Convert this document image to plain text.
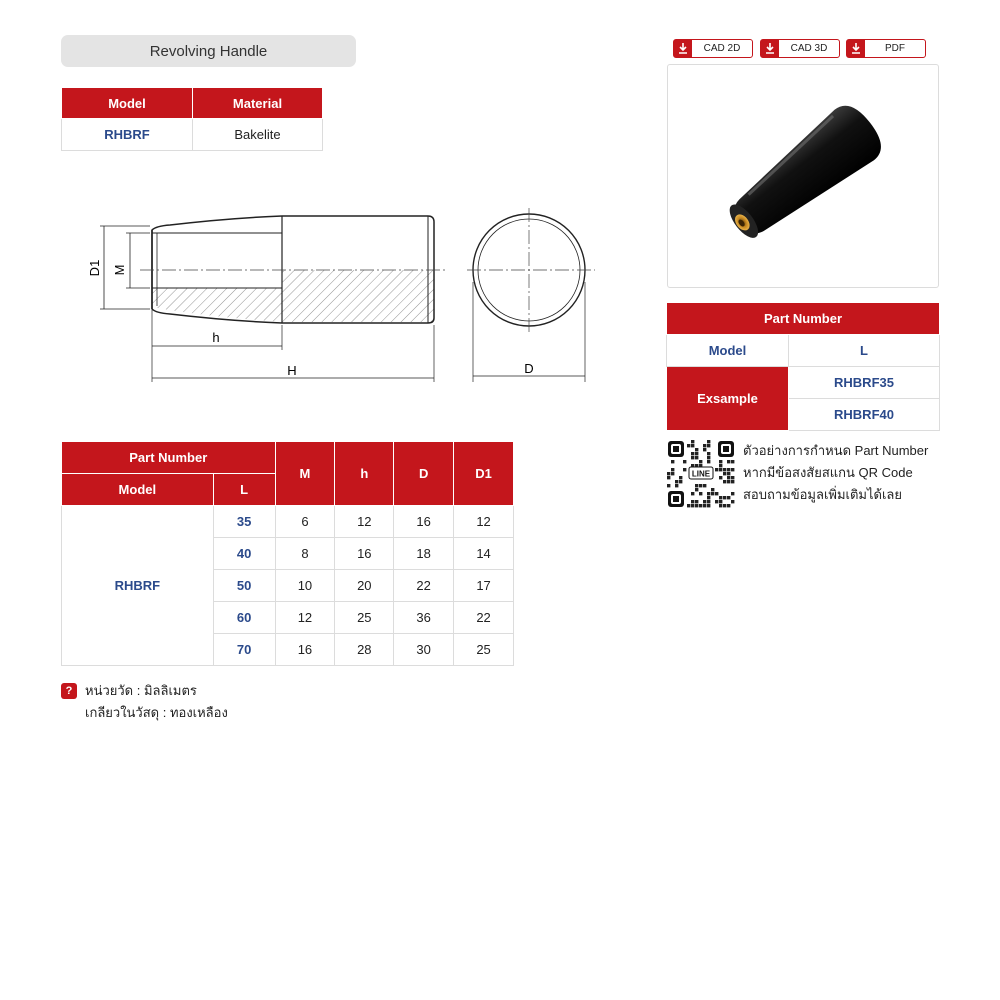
Revolving Handle
Model	Material
RHBRF	Bakelite
D1 M
h
H	D
CAD 2D	CAD 3D	PDF
Part Number	
Model	L
Exsample	RHBRF35
	RHBRF40
LINE
ตัวอย่างการกำหนด Part Number
หากมีข้อสงสัยสแกน QR Code
สอบถามข้อมูลเพิ่มเติมได้เลย
Part Number		M	h	D	D1
Model	L				
RHBRF	35	6	12	16	12
	40	8	16	18	14
	50	10	20	22	17
	60	12	25	36	22
	70	16	28	30	25
? หน่วยวัด : มิลลิเมตร
เกลียวในวัสดุ : ทองเหลือง
